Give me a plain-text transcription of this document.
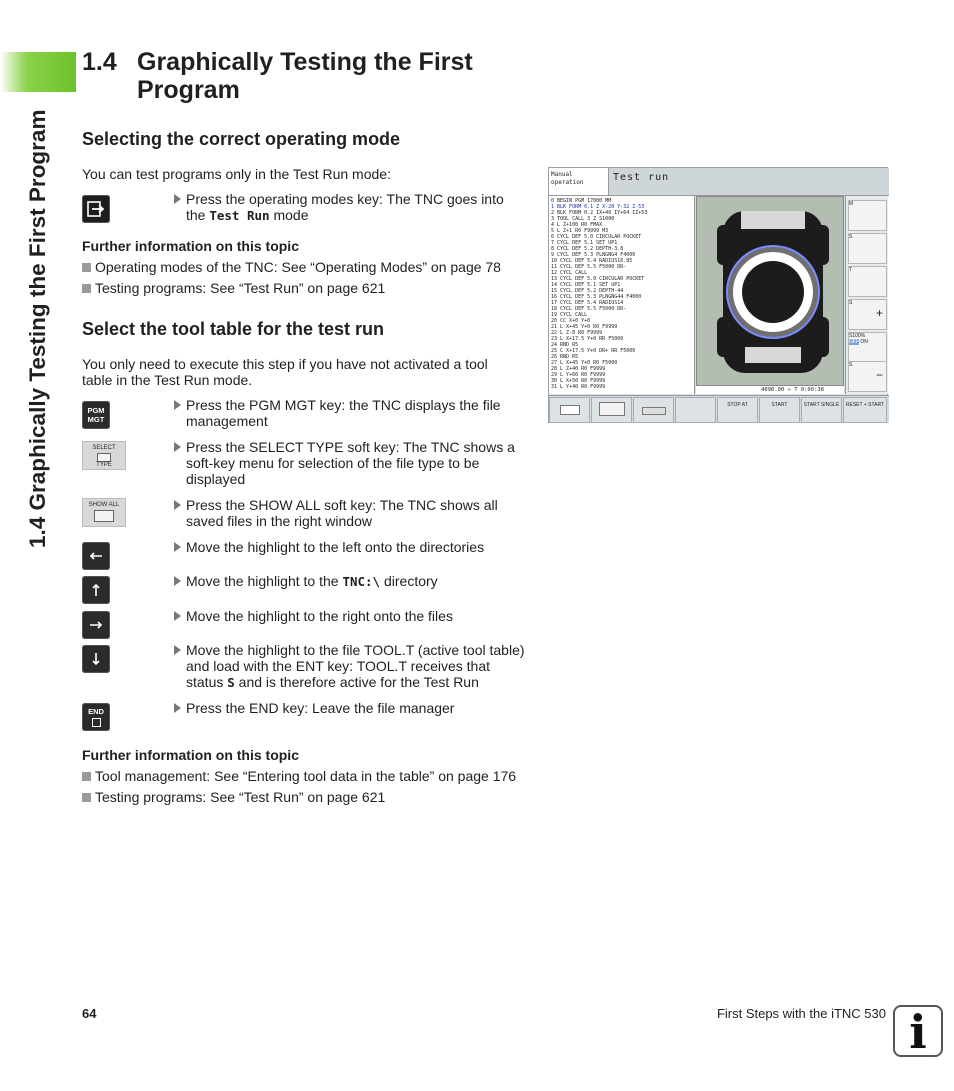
1.4 Graphically Testing the First Program
1.4 Graphically Testing the First Program
Selecting the correct operating mode
You can test programs only in the Test Run mode:
Press the operating modes key: The TNC goes into the Test Run mode
Further information on this topic
Operating modes of the TNC: See “Operating Modes” on page 78
Testing programs: See “Test Run” on page 621
Select the tool table for the test run
You only need to execute this step if you have not activated a tool table in the Test Run mode.
PGM
MGT
Press the PGM MGT key: the TNC displays the file management
SELECT
TYPE
Press the SELECT TYPE soft key: The TNC shows a soft-key menu for selection of the file type to be displayed
SHOW ALL	Press the SHOW ALL soft key: The TNC shows all saved files in the right window
Move the highlight to the left onto the directories
Move the highlight to the TNC:\ directory
Move the highlight to the right onto the files
Move the highlight to the file TOOL.T (active tool table) and load with the ENT key: TOOL.T receives that status S and is therefore active for the Test Run
END	Press the END key: Leave the file manager
Further information on this topic
Tool management: See “Entering tool data in the table” on page 176
Testing programs: See “Test Run” on page 621
Manual
operation	Test run
0 BEGIN PGM 17000 MM
1 BLK FORM 0.1 Z X-20 Y-32 Z-53
2 BLK FORM 0.2 IX+40 IY+64 IZ+53
3 TOOL CALL 3 Z S1000
4 L Z+100 R0 FMAX
5 L Z+1 R0 F9999 M3
6 CYCL DEF 5.0 CIRCULAR POCKET
7 CYCL DEF 5.1 SET UP1
8 CYCL DEF 5.2 DEPTH-3.8
9 CYCL DEF 5.3 PLNGNG4 F4000
10 CYCL DEF 5.4 RADIUS16.85
11 CYCL DEF 5.5 F5000 DR-
12 CYCL CALL
13 CYCL DEF 5.0 CIRCULAR POCKET
14 CYCL DEF 5.1 SET UP1
15 CYCL DEF 5.2 DEPTH-44
16 CYCL DEF 5.3 PLNGNG44 F4000
17 CYCL DEF 5.4 RADIUS14
18 CYCL DEF 5.5 F5000 DR-
19 CYCL CALL
20 CC X+0 Y+0
21 L X+45 Y+0 R0 F9999
22 L Z-8 R0 F9999
23 L X+17.5 Y+0 RR F5000
24 RND R5
25 C X+17.5 Y+0 DR+ RR F5000
26 RND R5
27 L X+45 Y+0 R0 F5000
28 L Z+40 R0 F9999
29 L Y+60 R0 F9999
30 L X+50 R0 F9999
31 L Y+40 R0 F9999	4090.00 » T 0:00:38
M
S
T
S
+
S100%
OFF ON
S
−
STOP AT	START	START SINGLE	RESET + START
64	First Steps with the iTNC 530 i
